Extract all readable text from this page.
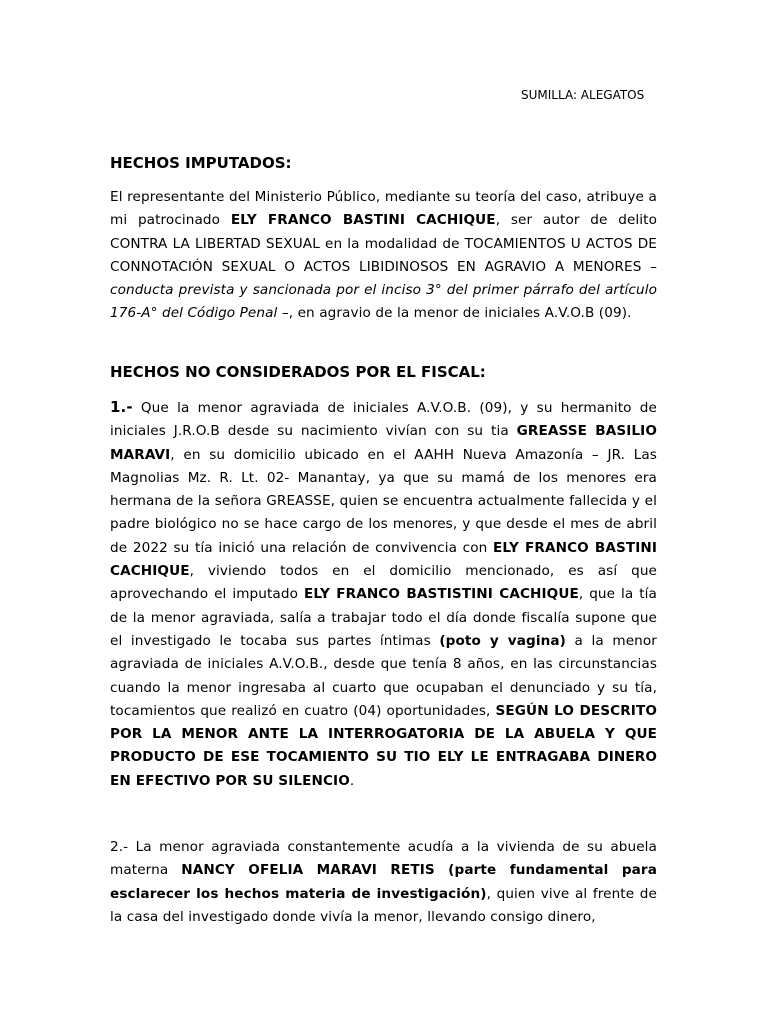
SUMILLA: ALEGATOS
HECHOS IMPUTADOS:
El representante del Ministerio Público, mediante su teoría del caso, atribuye a mi patrocinado ELY FRANCO BASTINI CACHIQUE, ser autor de delito CONTRA LA LIBERTAD SEXUAL en la modalidad de TOCAMIENTOS U ACTOS DE CONNOTACIÓN SEXUAL O ACTOS LIBIDINOSOS EN AGRAVIO A MENORES – conducta prevista y sancionada por el inciso 3° del primer párrafo del artículo 176-A° del Código Penal –, en agravio de la menor de iniciales A.V.O.B (09).
HECHOS NO CONSIDERADOS POR EL FISCAL:
1.- Que la menor agraviada de iniciales A.V.O.B. (09), y su hermanito de iniciales J.R.O.B desde su nacimiento vivían con su tia GREASSE BASILIO MARAVI, en su domicilio ubicado en el AAHH Nueva Amazonía – JR. Las Magnolias Mz. R. Lt. 02- Manantay, ya que su mamá de los menores era hermana de la señora GREASSE, quien se encuentra actualmente fallecida y el padre biológico no se hace cargo de los menores, y que desde el mes de abril de 2022 su tía inició una relación de convivencia con ELY FRANCO BASTINI CACHIQUE, viviendo todos en el domicilio mencionado, es así que aprovechando el imputado ELY FRANCO BASTISTINI CACHIQUE, que la tía de la menor agraviada, salía a trabajar todo el día donde fiscalía supone que el investigado le tocaba sus partes íntimas (poto y vagina) a la menor agraviada de iniciales A.V.O.B., desde que tenía 8 años, en las circunstancias cuando la menor ingresaba al cuarto que ocupaban el denunciado y su tía, tocamientos que realizó en cuatro (04) oportunidades, SEGÚN LO DESCRITO POR LA MENOR ANTE LA INTERROGATORIA DE LA ABUELA Y QUE PRODUCTO DE ESE TOCAMIENTO SU TIO ELY LE ENTRAGABA DINERO EN EFECTIVO POR SU SILENCIO.
2.- La menor agraviada constantemente acudía a la vivienda de su abuela materna NANCY OFELIA MARAVI RETIS (parte fundamental para esclarecer los hechos materia de investigación), quien vive al frente de la casa del investigado donde vivía la menor, llevando consigo dinero,
